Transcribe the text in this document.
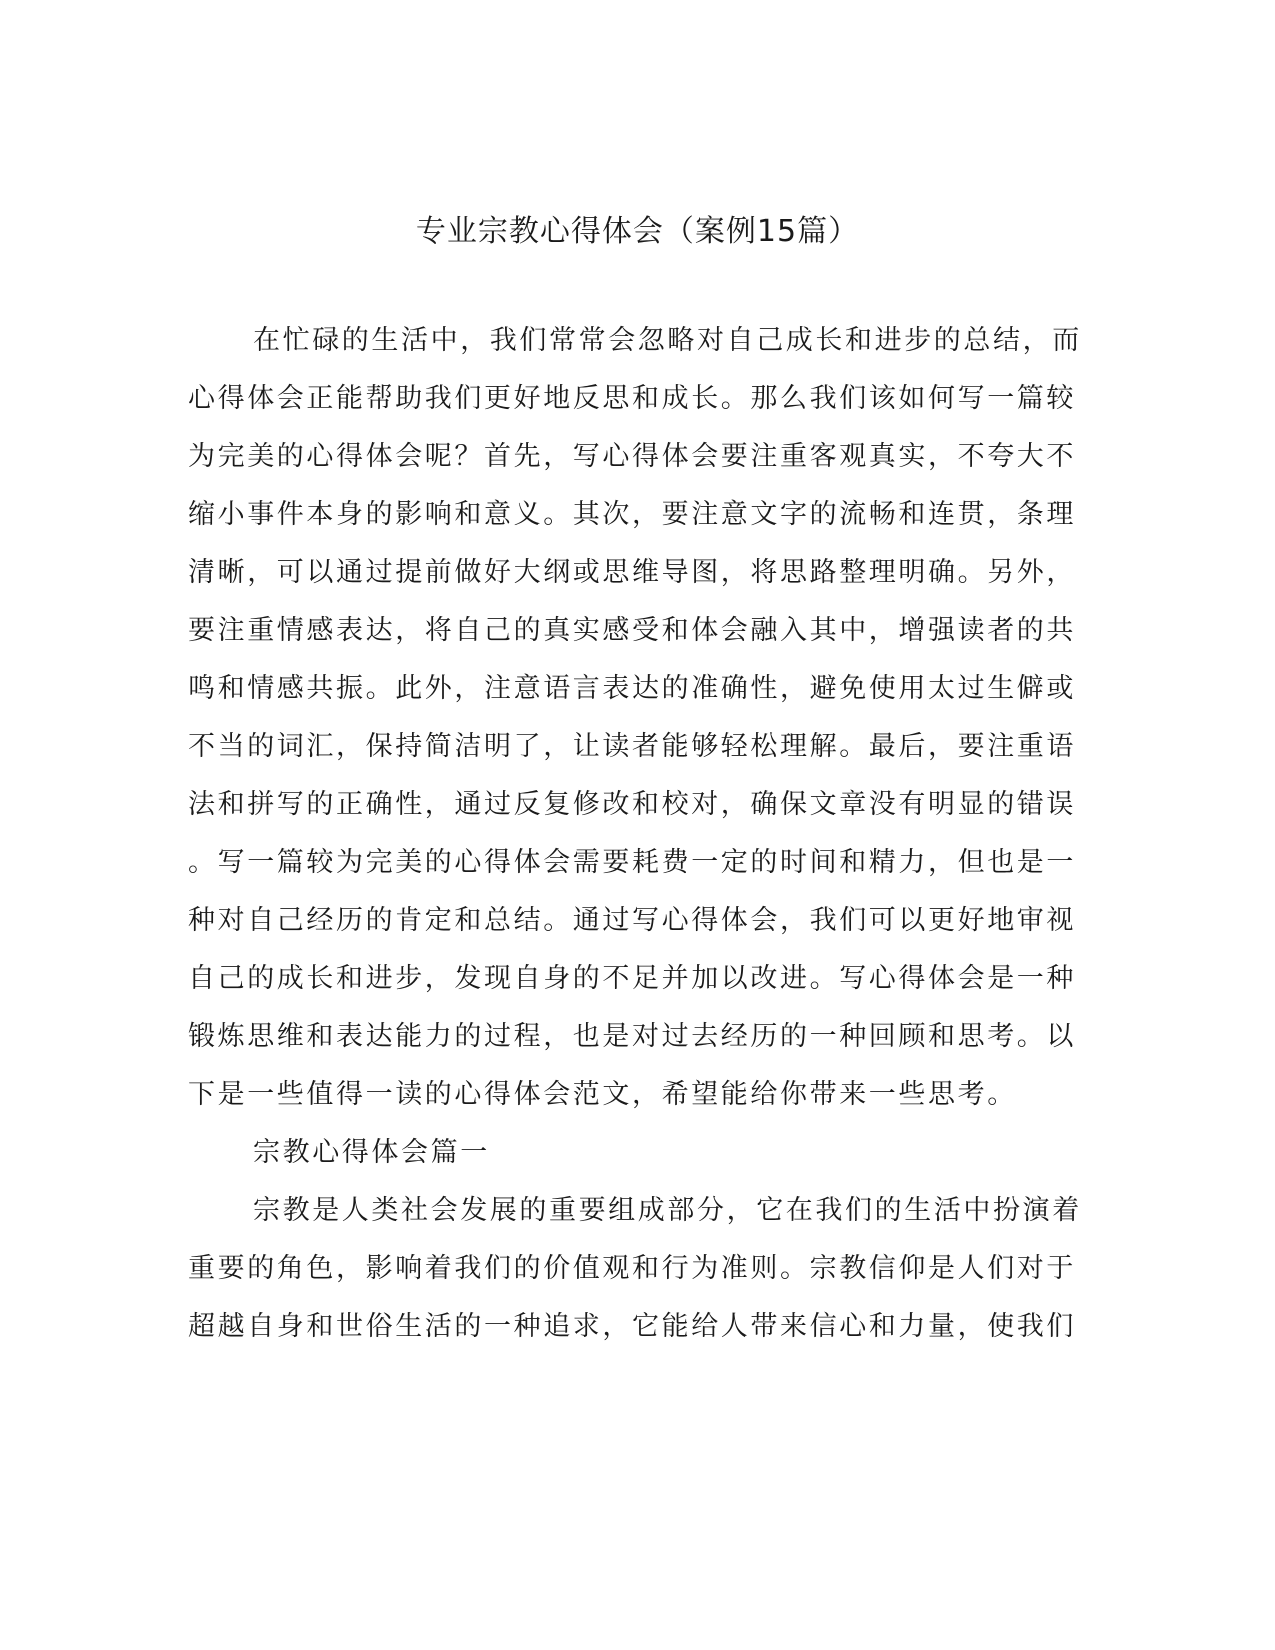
专业宗教心得体会（案例15篇）
在忙碌的生活中，我们常常会忽略对自己成长和进步的总结，而
心得体会正能帮助我们更好地反思和成长。那么我们该如何写一篇较
为完美的心得体会呢？首先，写心得体会要注重客观真实，不夸大不
缩小事件本身的影响和意义。其次，要注意文字的流畅和连贯，条理
清晰，可以通过提前做好大纲或思维导图，将思路整理明确。另外，
要注重情感表达，将自己的真实感受和体会融入其中，增强读者的共
鸣和情感共振。此外，注意语言表达的准确性，避免使用太过生僻或
不当的词汇，保持简洁明了，让读者能够轻松理解。最后，要注重语
法和拼写的正确性，通过反复修改和校对，确保文章没有明显的错误
。写一篇较为完美的心得体会需要耗费一定的时间和精力，但也是一
种对自己经历的肯定和总结。通过写心得体会，我们可以更好地审视
自己的成长和进步，发现自身的不足并加以改进。写心得体会是一种
锻炼思维和表达能力的过程，也是对过去经历的一种回顾和思考。以
下是一些值得一读的心得体会范文，希望能给你带来一些思考。
宗教心得体会篇一
宗教是人类社会发展的重要组成部分，它在我们的生活中扮演着
重要的角色，影响着我们的价值观和行为准则。宗教信仰是人们对于
超越自身和世俗生活的一种追求，它能给人带来信心和力量，使我们
